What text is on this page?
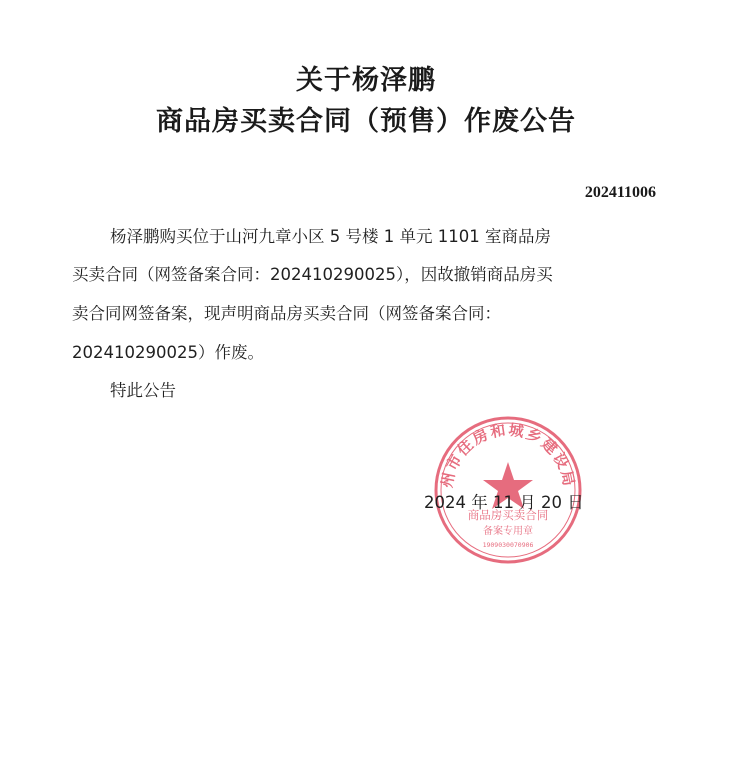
关于杨泽鹏
商品房买卖合同（预售）作废公告
202411006
杨泽鹏购买位于山河九章小区 5 号楼 1 单元 1101 室商品房
买卖合同（网签备案合同：202410290025），因故撤销商品房买
卖合同网签备案，现声明商品房买卖合同（网签备案合同：
202410290025）作废。
特此公告
州市住房和城乡建设局
商品房买卖合同
备案专用章
1909030070906
2024 年 11 月 20 日
